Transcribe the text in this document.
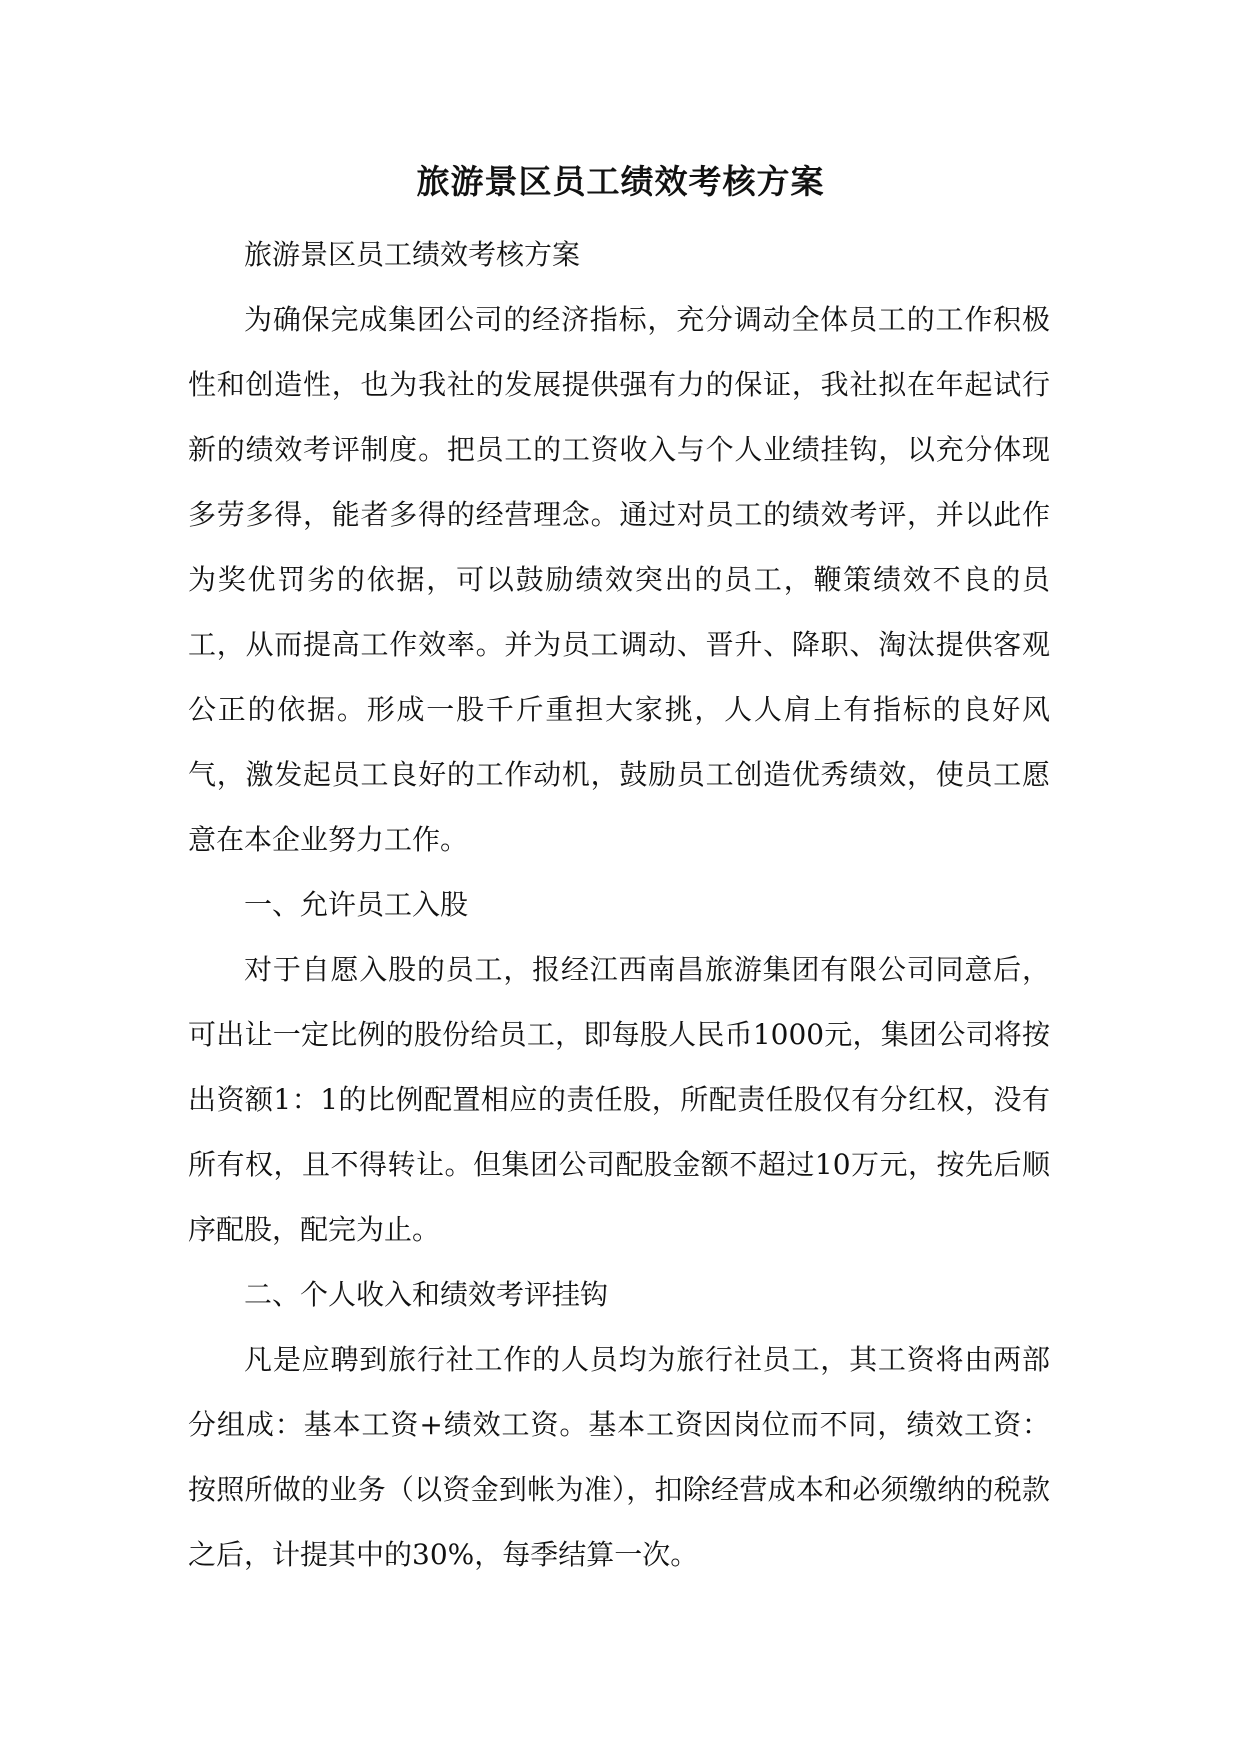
旅游景区员工绩效考核方案

旅游景区员工绩效考核方案

为确保完成集团公司的经济指标，充分调动全体员工的工作积极性和创造性，也为我社的发展提供强有力的保证，我社拟在年起试行新的绩效考评制度。把员工的工资收入与个人业绩挂钩，以充分体现多劳多得，能者多得的经营理念。通过对员工的绩效考评，并以此作为奖优罚劣的依据，可以鼓励绩效突出的员工，鞭策绩效不良的员工，从而提高工作效率。并为员工调动、晋升、降职、淘汰提供客观公正的依据。形成一股千斤重担大家挑，人人肩上有指标的良好风气，激发起员工良好的工作动机，鼓励员工创造优秀绩效，使员工愿意在本企业努力工作。

一、允许员工入股

对于自愿入股的员工，报经江西南昌旅游集团有限公司同意后，可出让一定比例的股份给员工，即每股人民币1000元，集团公司将按出资额1：1的比例配置相应的责任股，所配责任股仅有分红权，没有所有权，且不得转让。但集团公司配股金额不超过10万元，按先后顺序配股，配完为止。

二、个人收入和绩效考评挂钩

凡是应聘到旅行社工作的人员均为旅行社员工，其工资将由两部分组成：基本工资+绩效工资。基本工资因岗位而不同，绩效工资：按照所做的业务（以资金到帐为准），扣除经营成本和必须缴纳的税款之后，计提其中的30%，每季结算一次。
